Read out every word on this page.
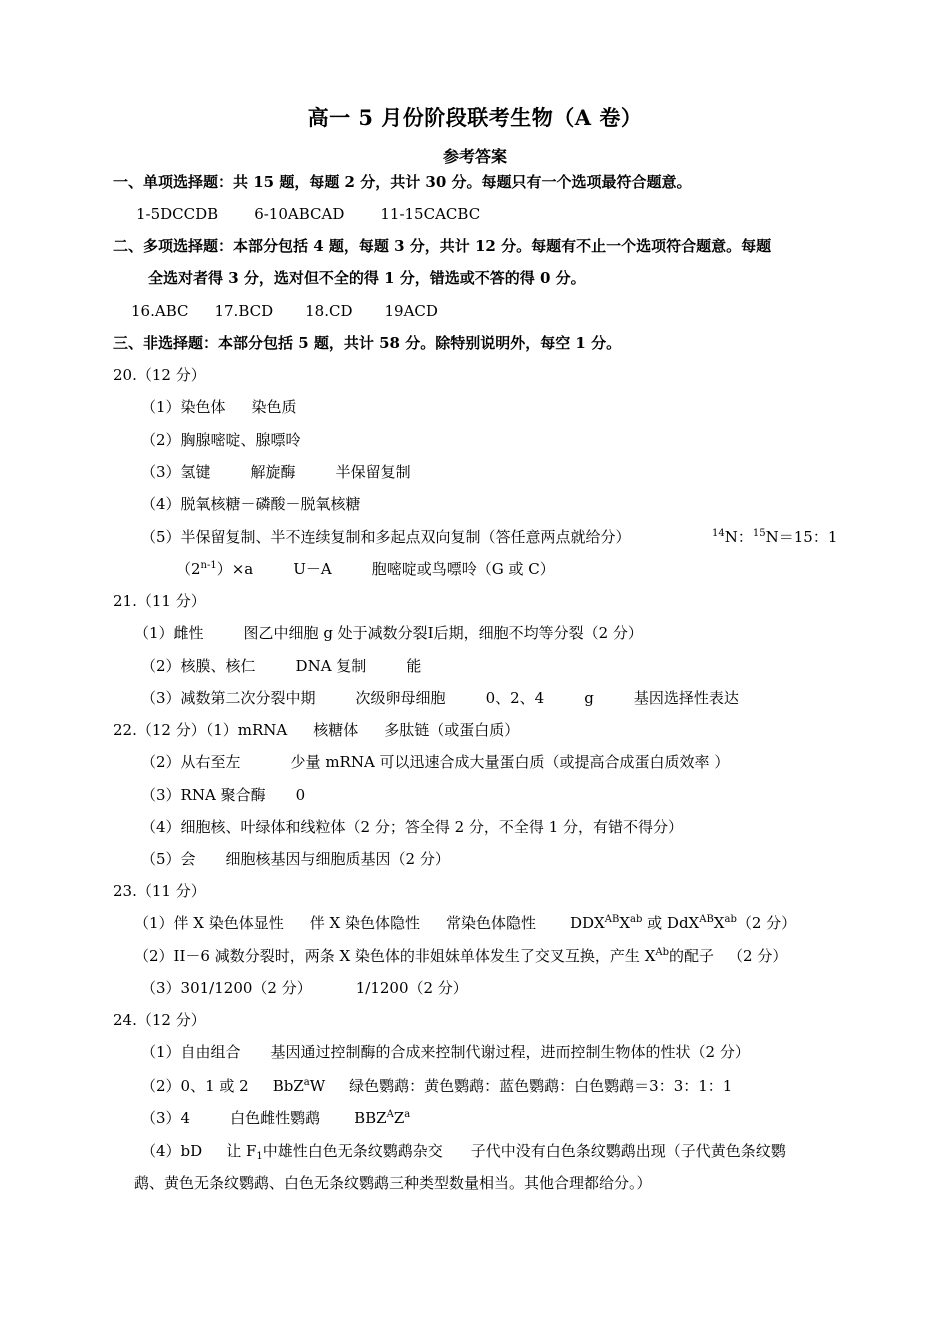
高一 5 月份阶段联考生物（A 卷）
参考答案
一、单项选择题：共 15 题，每题 2 分，共计 30 分。每题只有一个选项最符合题意。
1-5DCCDB 6-10ABCAD 11-15CACBC
二、多项选择题：本部分包括 4 题，每题 3 分，共计 12 分。每题有不止一个选项符合题意。每题
全选对者得 3 分，选对但不全的得 1 分，错选或不答的得 0 分。
16.ABC 17.BCD 18.CD 19ACD
三、非选择题：本部分包括 5 题，共计 58 分。除特别说明外，每空 1 分。
20.（12 分）
（1）染色体 染色质
（2）胸腺嘧啶、腺嘌呤
（3）氢键	解旋酶	半保留复制
（4）脱氧核糖－磷酸－脱氧核糖
（5）半保留复制、半不连续复制和多起点双向复制（答任意两点就给分）	$^{14}$N：$^{15}$N＝15：1
$(2^{n-1})\times a$	U－A	胞嘧啶或鸟嘌呤（G 或 C）
21.（11 分）
（1）雌性	图乙中细胞 g 处于减数分裂Ⅰ后期，细胞不均等分裂（2 分）
（2）核膜、核仁	DNA 复制	能
（3）减数第二次分裂中期	次级卵母细胞	0、2、4	g	基因选择性表达
22.（12 分）（1）mRNA 核糖体 多肽链（或蛋白质）
（2）从右至左	少量 mRNA 可以迅速合成大量蛋白质（或提高合成蛋白质效率 ）
（3）RNA 聚合酶 0
（4）细胞核、叶绿体和线粒体（2 分；答全得 2 分，不全得 1 分，有错不得分）
（5）会 细胞核基因与细胞质基因（2 分）
23.（11 分）
（1）伴 X 染色体显性 伴 X 染色体隐性 常染色体隐性 $DDX^{AB}X^{ab}$ 或 $DdX^{AB}X^{ab}(2$ 分）
（2）II－6 减数分裂时，两条 X 染色体的非姐妹单体发生了交叉互换，产生 $X^{Ab}$的配子 （2 分）
（3）301/1200（2 分）	1/1200（2 分）
24.（12 分）
（1）自由组合 基因通过控制酶的合成来控制代谢过程，进而控制生物体的性状（2 分）
（2）0、1 或 2 BbZ$^a$W 绿色鹦鹉：黄色鹦鹉：蓝色鹦鹉：白色鹦鹉＝3：3：1：1
（3）4	白色雌性鹦鹉 $BBZ^AZ^a$
（4）bD 让 $F_1$中雄性白色无条纹鹦鹉杂交 子代中没有白色条纹鹦鹉出现（子代黄色条纹鹦
鹉、黄色无条纹鹦鹉、白色无条纹鹦鹉三种类型数量相当。其他合理都给分。）
